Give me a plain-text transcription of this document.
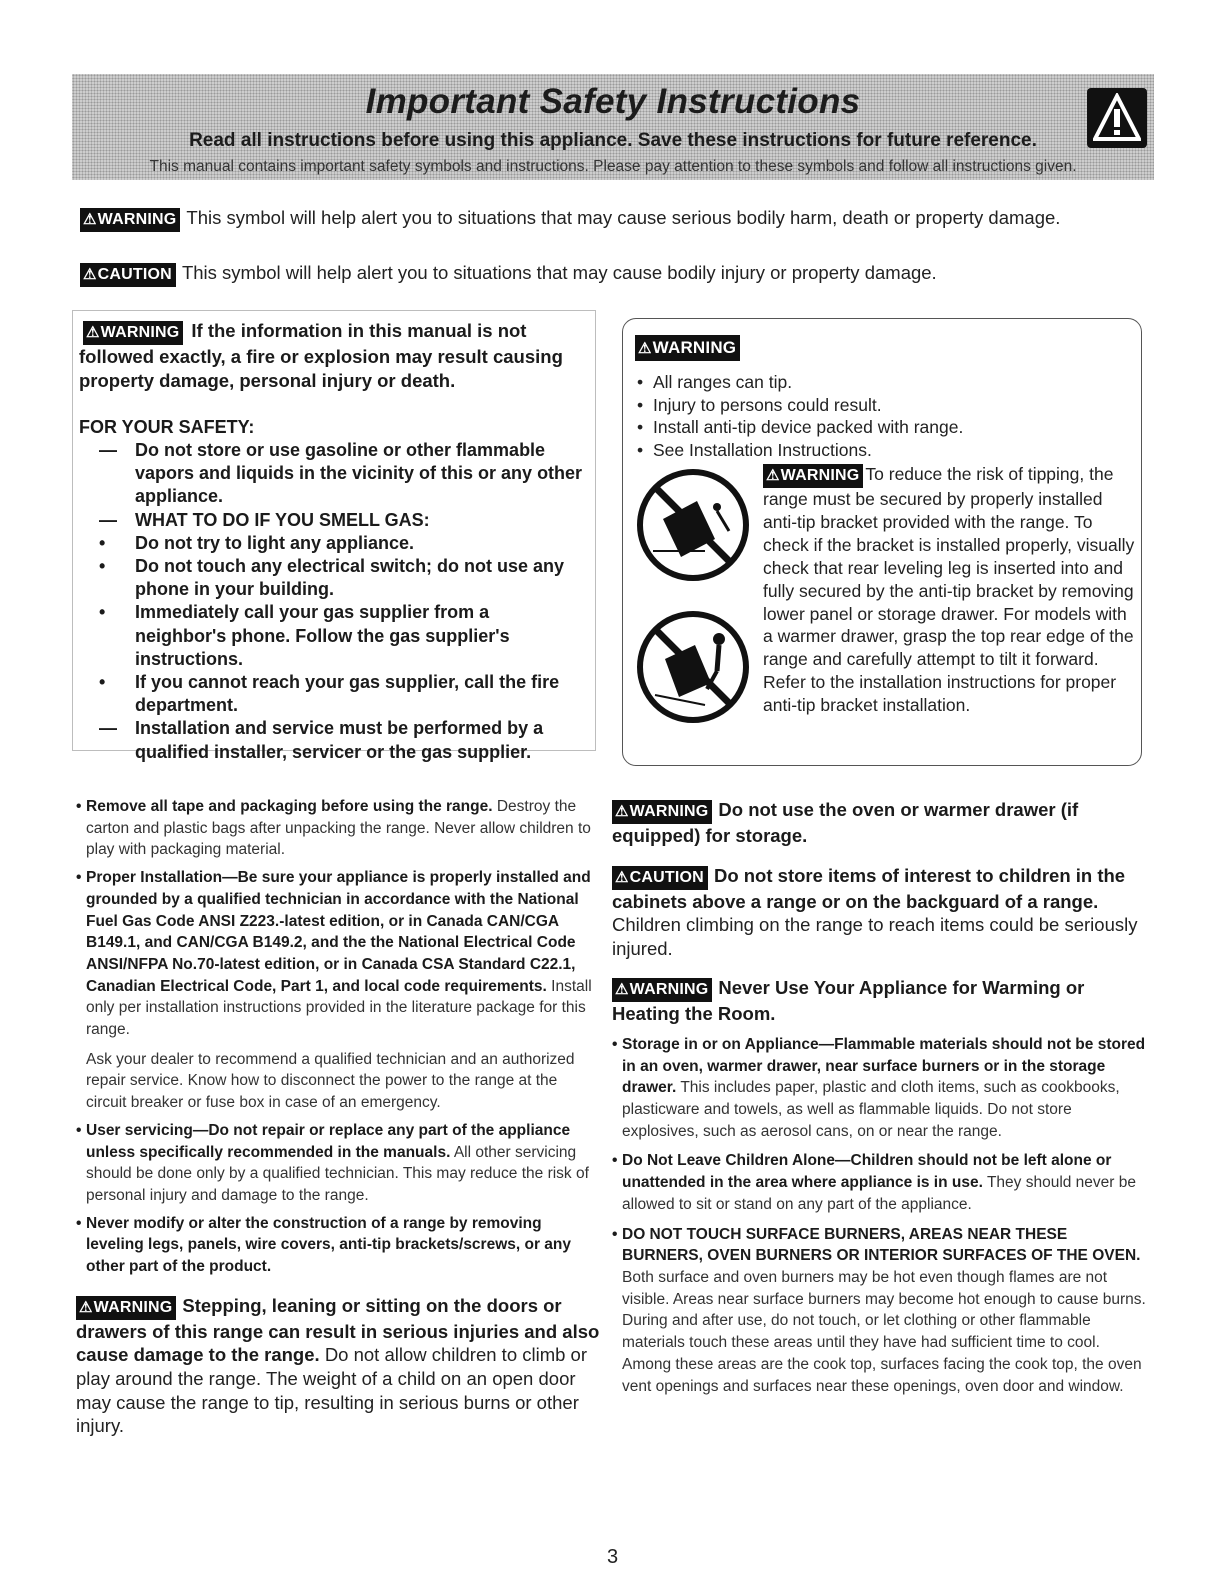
Important Safety Instructions
Read all instructions before using this appliance. Save these instructions for future reference.
This manual contains important safety symbols and instructions. Please pay attention to these symbols and follow all instructions given.
⚠WARNING This symbol will help alert you to situations that may cause serious bodily harm, death or property damage.
⚠CAUTION This symbol will help alert you to situations that may cause bodily injury or property damage.

⚠WARNING If the information in this manual is not followed exactly, a fire or explosion may result causing property damage, personal injury or death.

FOR YOUR SAFETY:

—	Do not store or use gasoline or other flammable vapors and liquids in the vicinity of this or any other appliance.
—	WHAT TO DO IF YOU SMELL GAS:
•	Do not try to light any appliance.
•	Do not touch any electrical switch; do not use any phone in your building.
•	Immediately call your gas supplier from a neighbor's phone. Follow the gas supplier's instructions.
•	If you cannot reach your gas supplier, call the fire department.
—	Installation and service must be performed by a qualified installer, servicer or the gas supplier.
⚠WARNING
• All ranges can tip.
• Injury to persons could result.
• Install anti-tip device packed with range.
• See Installation Instructions.

⚠WARNING To reduce the risk of tipping, the range must be secured by properly installed anti-tip bracket provided with the range. To check if the bracket is installed properly, visually check that rear leveling leg is inserted into and fully secured by the anti-tip bracket by removing lower panel or storage drawer. For models with a warmer drawer, grasp the top rear edge of the range and carefully attempt to tilt it forward. Refer to the installation instructions for proper anti-tip bracket installation.

• Remove all tape and packaging before using the range. Destroy the carton and plastic bags after unpacking the range. Never allow children to play with packaging material.
• Proper Installation—Be sure your appliance is properly installed and grounded by a qualified technician in accordance with the National Fuel Gas Code ANSI Z223.-latest edition, or in Canada CAN/CGA B149.1, and CAN/CGA B149.2, and the the National Electrical Code ANSI/NFPA No.70-latest edition, or in Canada CSA Standard C22.1, Canadian Electrical Code, Part 1, and local code requirements. Install only per installation instructions provided in the literature package for this range.

Ask your dealer to recommend a qualified technician and an authorized repair service. Know how to disconnect the power to the range at the circuit breaker or fuse box in case of an emergency.

• User servicing—Do not repair or replace any part of the appliance unless specifically recommended in the manuals. All other servicing should be done only by a qualified technician. This may reduce the risk of personal injury and damage to the range.
• Never modify or alter the construction of a range by removing leveling legs, panels, wire covers, anti-tip brackets/screws, or any other part of the product.

⚠WARNING Stepping, leaning or sitting on the doors or drawers of this range can result in serious injuries and also cause damage to the range. Do not allow children to climb or play around the range. The weight of a child on an open door may cause the range to tip, resulting in serious burns or other injury.

⚠WARNING Do not use the oven or warmer drawer (if equipped) for storage.

⚠CAUTION Do not store items of interest to children in the cabinets above a range or on the backguard of a range. Children climbing on the range to reach items could be seriously injured.

⚠WARNING Never Use Your Appliance for Warming or Heating the Room.

• Storage in or on Appliance—Flammable materials should not be stored in an oven, warmer drawer, near surface burners or in the storage drawer. This includes paper, plastic and cloth items, such as cookbooks, plasticware and towels, as well as flammable liquids. Do not store explosives, such as aerosol cans, on or near the range.
• Do Not Leave Children Alone—Children should not be left alone or unattended in the area where appliance is in use. They should never be allowed to sit or stand on any part of the appliance.
• DO NOT TOUCH SURFACE BURNERS, AREAS NEAR THESE BURNERS, OVEN BURNERS OR INTERIOR SURFACES OF THE OVEN. Both surface and oven burners may be hot even though flames are not visible. Areas near surface burners may become hot enough to cause burns. During and after use, do not touch, or let clothing or other flammable materials touch these areas until they have had sufficient time to cool. Among these areas are the cook top, surfaces facing the cook top, the oven vent openings and surfaces near these openings, oven door and window.
3
